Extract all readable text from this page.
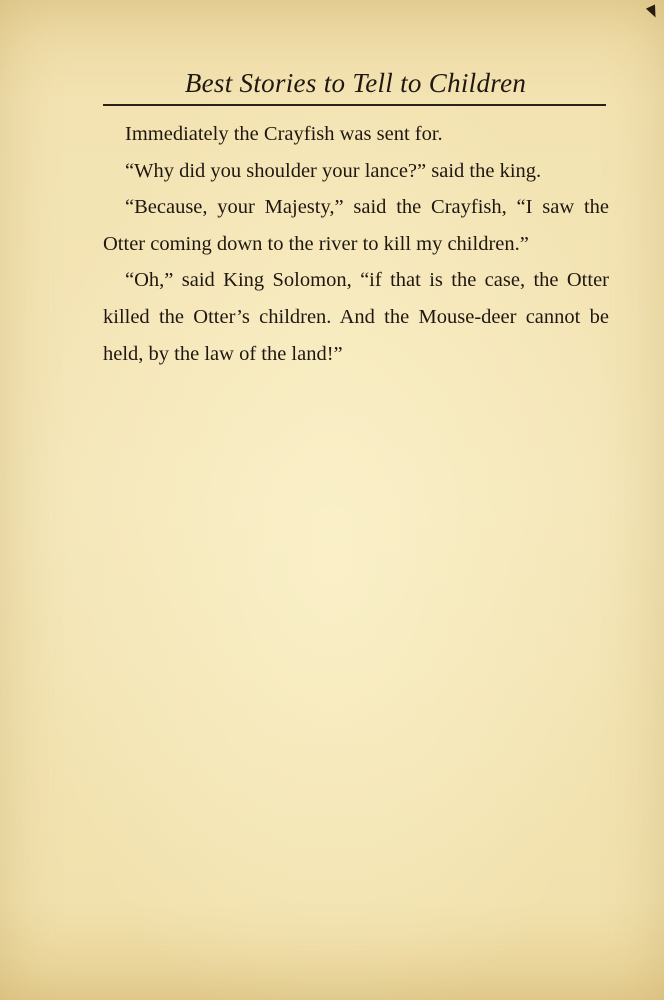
Best Stories to Tell to Children

Immediately the Crayfish was sent for.

“Why did you shoulder your lance?” said the king.

“Because, your Majesty,” said the Crayfish, “I saw the Otter coming down to the river to kill my children.”

“Oh,” said King Solomon, “if that is the case, the Otter killed the Otter’s children. And the Mouse-deer cannot be held, by the law of the land!”
